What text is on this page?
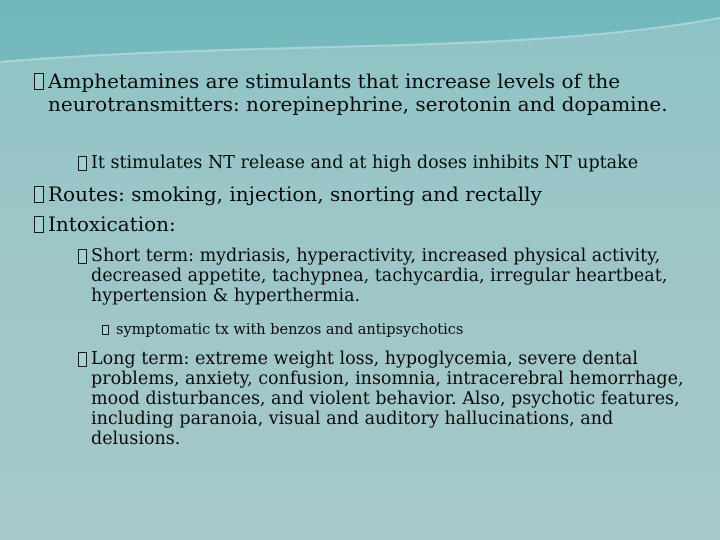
Amphetamines are stimulants that increase levels of the neurotransmitters: norepinephrine, serotonin and dopamine.
It stimulates NT release and at high doses inhibits NT uptake
Routes: smoking, injection, snorting and rectally
Intoxication:
Short term: mydriasis, hyperactivity, increased physical activity, decreased appetite, tachypnea, tachycardia, irregular heartbeat, hypertension & hyperthermia.
symptomatic tx with benzos and antipsychotics
Long term: extreme weight loss, hypoglycemia, severe dental problems, anxiety, confusion, insomnia, intracerebral hemorrhage, mood disturbances, and violent behavior. Also, psychotic features, including paranoia, visual and auditory hallucinations, and delusions.
